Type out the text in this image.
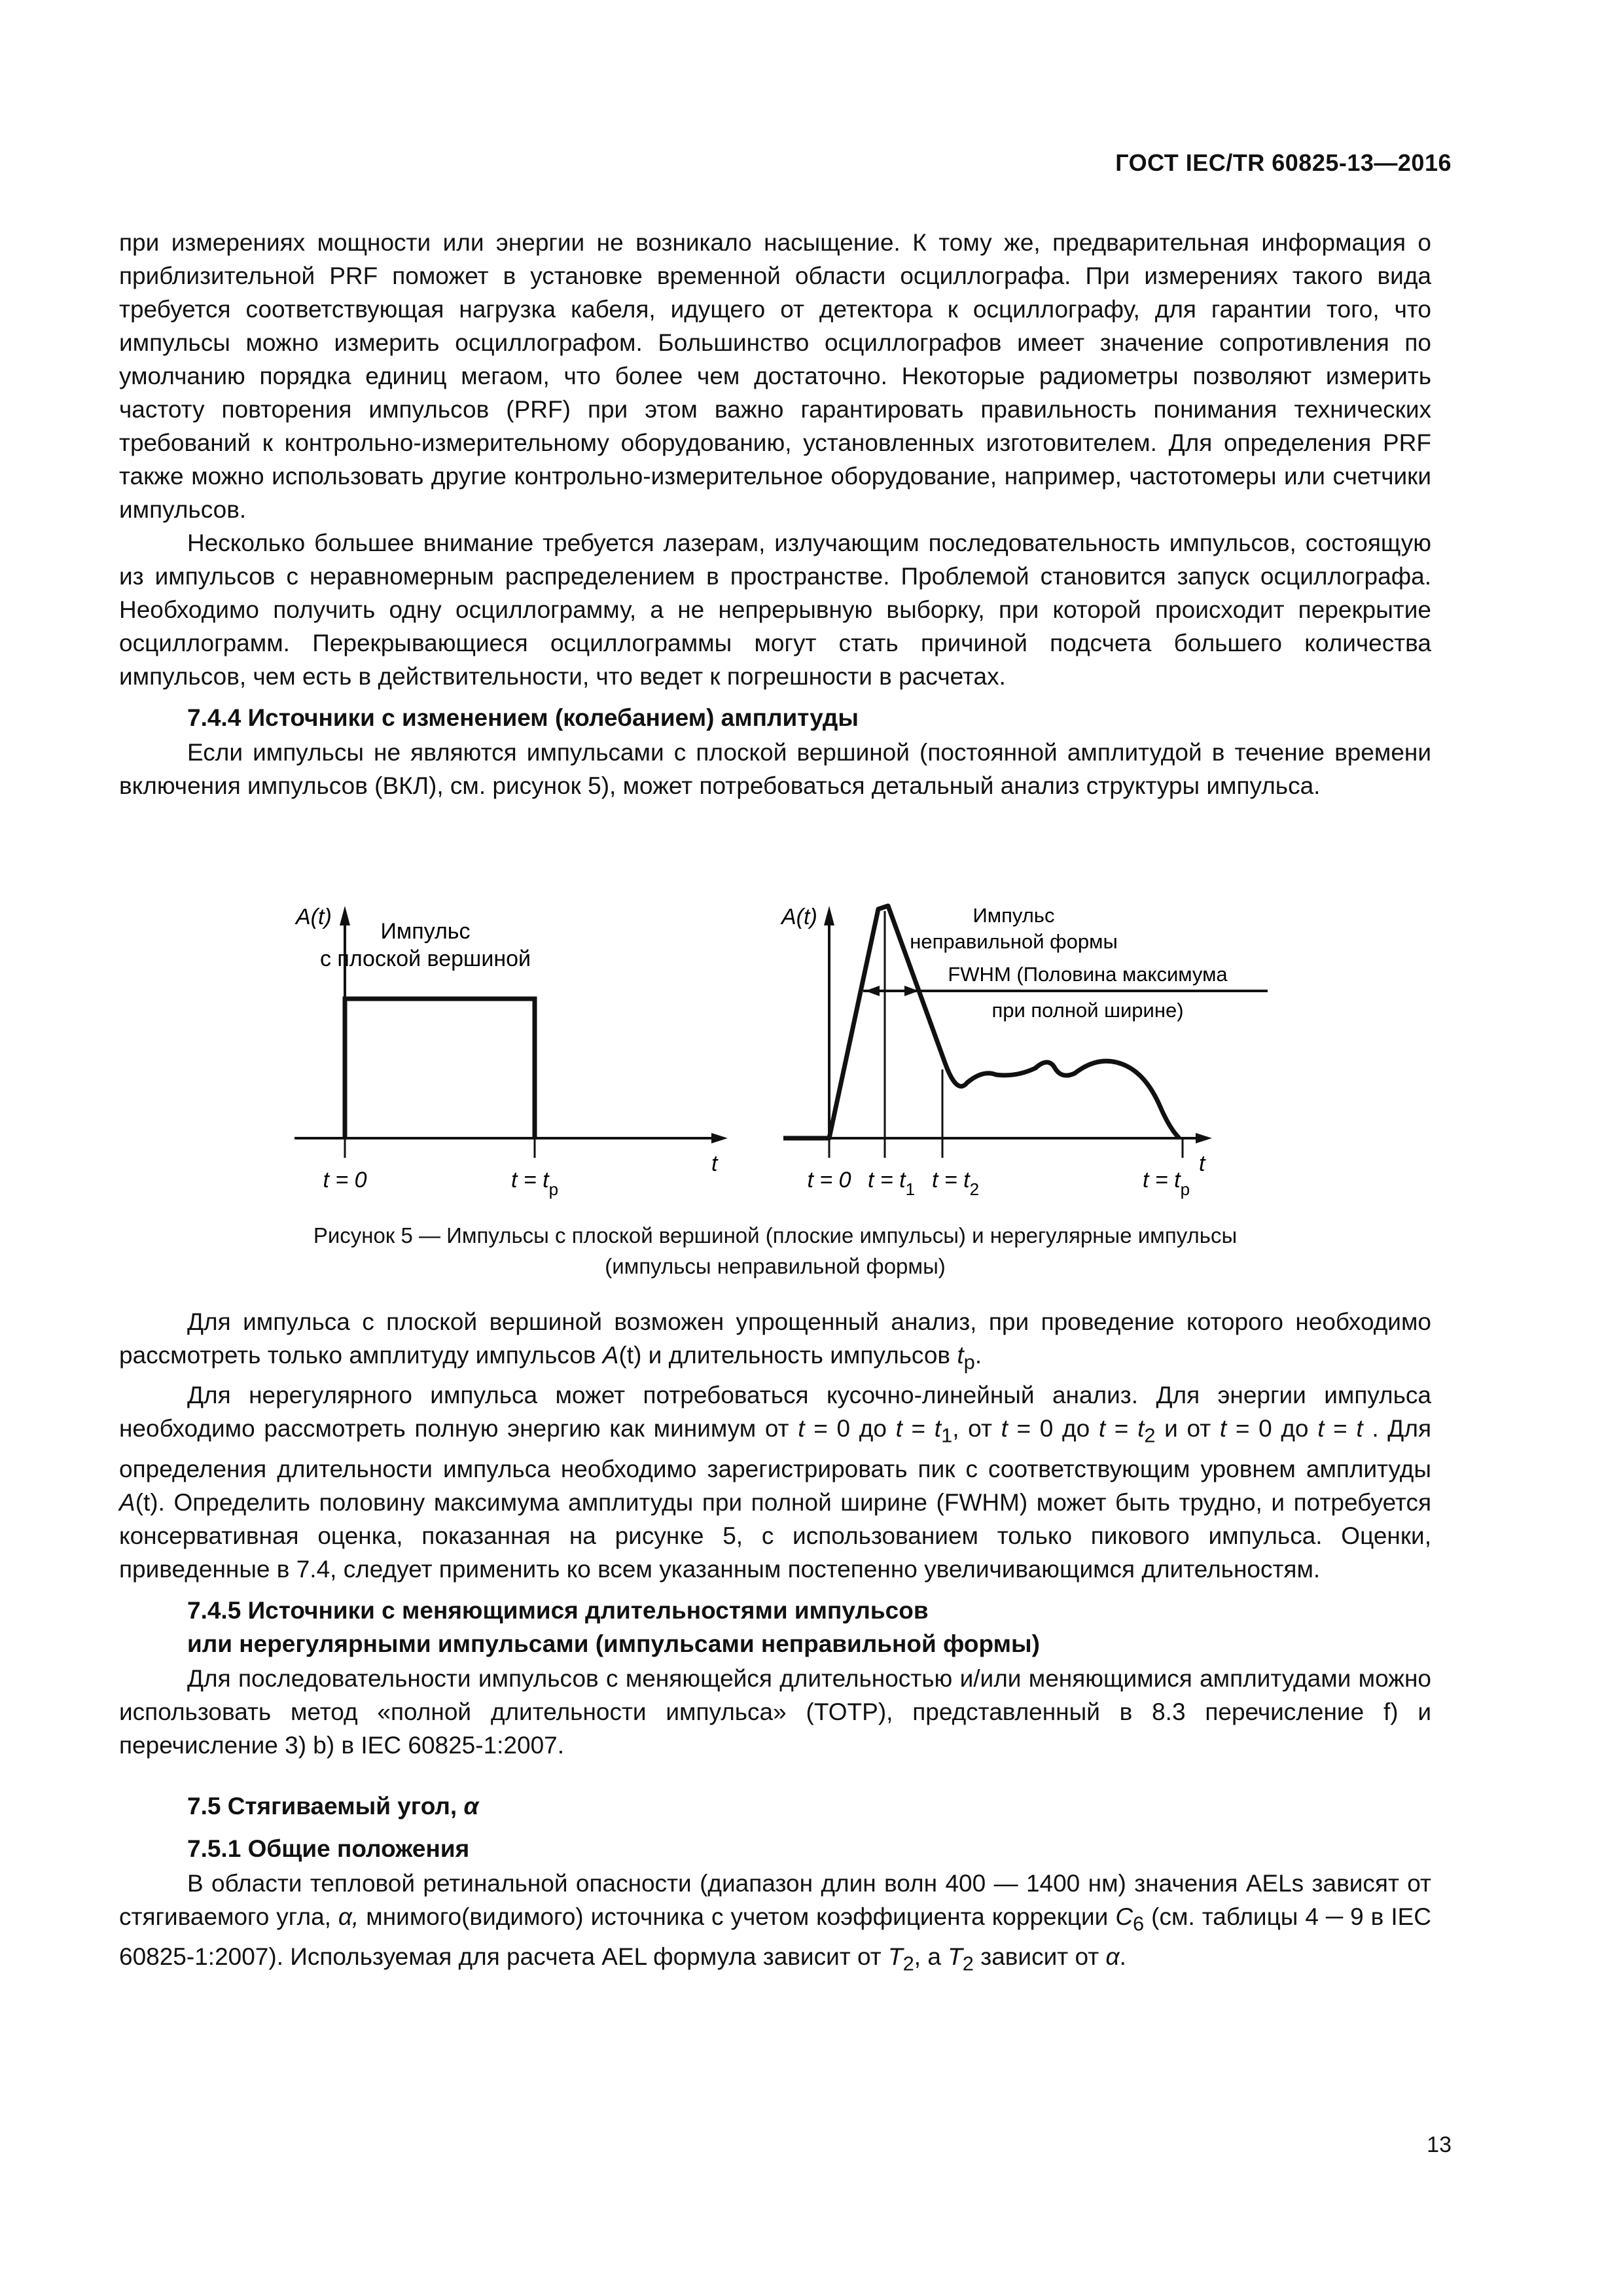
ГОСТ IEC/TR 60825-13—2016

при измерениях мощности или энергии не возникало насыщение. К тому же, предварительная информация о приблизительной PRF поможет в установке временной области осциллографа. При измерениях такого вида требуется соответствующая нагрузка кабеля, идущего от детектора к осциллографу, для гарантии того, что импульсы можно измерить осциллографом. Большинство осциллографов имеет значение сопротивления по умолчанию порядка единиц мегаом, что более чем достаточно. Некоторые радиометры позволяют измерить частоту повторения импульсов (PRF) при этом важно гарантировать правильность понимания технических требований к контрольно-измерительному оборудованию, установленных изготовителем. Для определения PRF также можно использовать другие контрольно-измерительное оборудование, например, частотомеры или счетчики импульсов.

Несколько большее внимание требуется лазерам, излучающим последовательность импульсов, состоящую из импульсов с неравномерным распределением в пространстве. Проблемой становится запуск осциллографа. Необходимо получить одну осциллограмму, а не непрерывную выборку, при которой происходит перекрытие осциллограмм. Перекрывающиеся осциллограммы могут стать причиной подсчета большего количества импульсов, чем есть в действительности, что ведет к погрешности в расчетах.

7.4.4 Источники с изменением (колебанием) амплитуды

Если импульсы не являются импульсами с плоской вершиной (постоянной амплитудой в течение времени включения импульсов (ВКЛ), см. рисунок 5), может потребоваться детальный анализ структуры импульса.

A(t)
Импульс
с плоской вершиной
t
t = 0	$t = t_p$
A(t)	Импульс
неправильной формы
FWHM (Половина максимума
при полной ширине)
t
t = 0 $t = t_1$ $t = t_2$	$t = t_p$

Рисунок 5 — Импульсы с плоской вершиной (плоские импульсы) и нерегулярные импульсы

(импульсы неправильной формы)

Для импульса с плоской вершиной возможен упрощенный анализ, при проведение которого необходимо рассмотреть только амплитуду импульсов A(t) и длительность импульсов $t_p$.

Для нерегулярного импульса может потребоваться кусочно-линейный анализ. Для энергии импульса необходимо рассмотреть полную энергию как минимум от t = 0 до $t = t_1$, от t = 0 до $t = t_2$ и от t = 0 до t = t . Для определения длительности импульса необходимо зарегистрировать пик с соответствующим уровнем амплитуды A(t). Определить половину максимума амплитуды при полной ширине (FWHM) может быть трудно, и потребуется консервативная оценка, показанная на рисунке 5, с использованием только пикового импульса. Оценки, приведенные в 7.4, следует применить ко всем указанным постепенно увеличивающимся длительностям.

7.4.5 Источники с меняющимися длительностями импульсов

или нерегулярными импульсами (импульсами неправильной формы)

Для последовательности импульсов с меняющейся длительностью и/или меняющимися амплитудами можно использовать метод «полной длительности импульса» (TOTP), представленный в 8.3 перечисление f) и перечисление 3) b) в IEC 60825-1:2007.

7.5 Стягиваемый угол, α

7.5.1 Общие положения

В области тепловой ретинальной опасности (диапазон длин волн 400 — 1400 нм) значения AELs зависят от стягиваемого угла, α, мнимого(видимого) источника с учетом коэффициента коррекции $C_6$ (см. таблицы 4 ─ 9 в IEC 60825-1:2007). Используемая для расчета AEL формула зависит от $T_2$, а $T_2$ зависит от α.

13
